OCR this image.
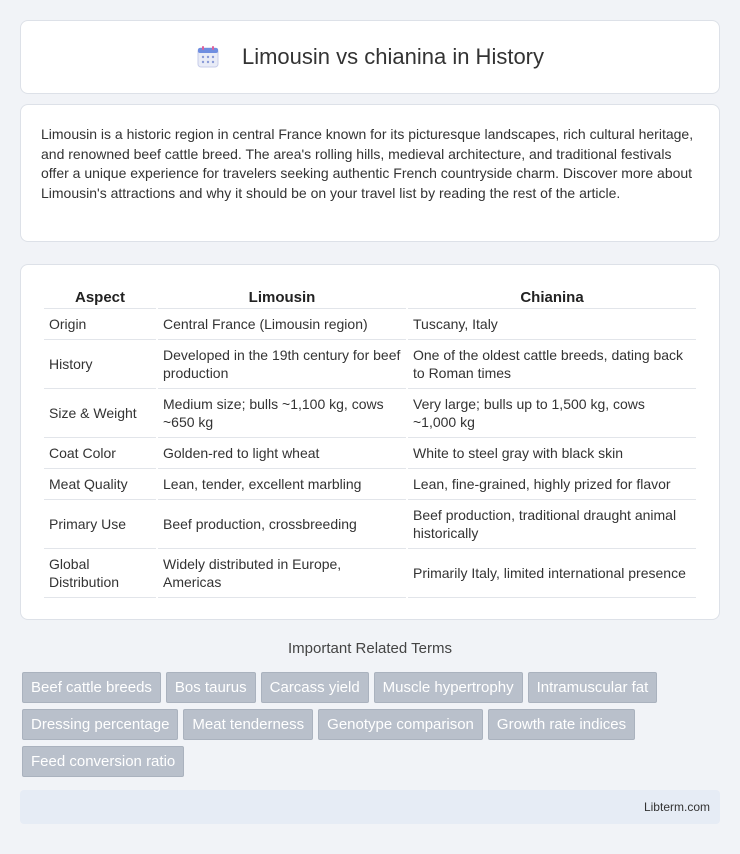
Limousin vs chianina in History

Limousin is a historic region in central France known for its picturesque landscapes, rich cultural heritage, and renowned beef cattle breed. The area's rolling hills, medieval architecture, and traditional festivals offer a unique experience for travelers seeking authentic French countryside charm. Discover more about Limousin's attractions and why it should be on your travel list by reading the rest of the article.

Aspect	Limousin	Chianina
Origin	Central France (Limousin region)	Tuscany, Italy
History	Developed in the 19th century for beef production	One of the oldest cattle breeds, dating back to Roman times
Size & Weight	Medium size; bulls ~1,100 kg, cows ~650 kg	Very large; bulls up to 1,500 kg, cows ~1,000 kg
Coat Color	Golden-red to light wheat	White to steel gray with black skin
Meat Quality	Lean, tender, excellent marbling	Lean, fine-grained, highly prized for flavor
Primary Use	Beef production, crossbreeding	Beef production, traditional draught animal historically
Global Distribution	Widely distributed in Europe, Americas	Primarily Italy, limited international presence
Important Related Terms
Beef cattle breeds	Bos taurus	Carcass yield	Muscle hypertrophy	Intramuscular fat
Dressing percentage	Meat tenderness	Genotype comparison	Growth rate indices
Feed conversion ratio
Libterm.com
